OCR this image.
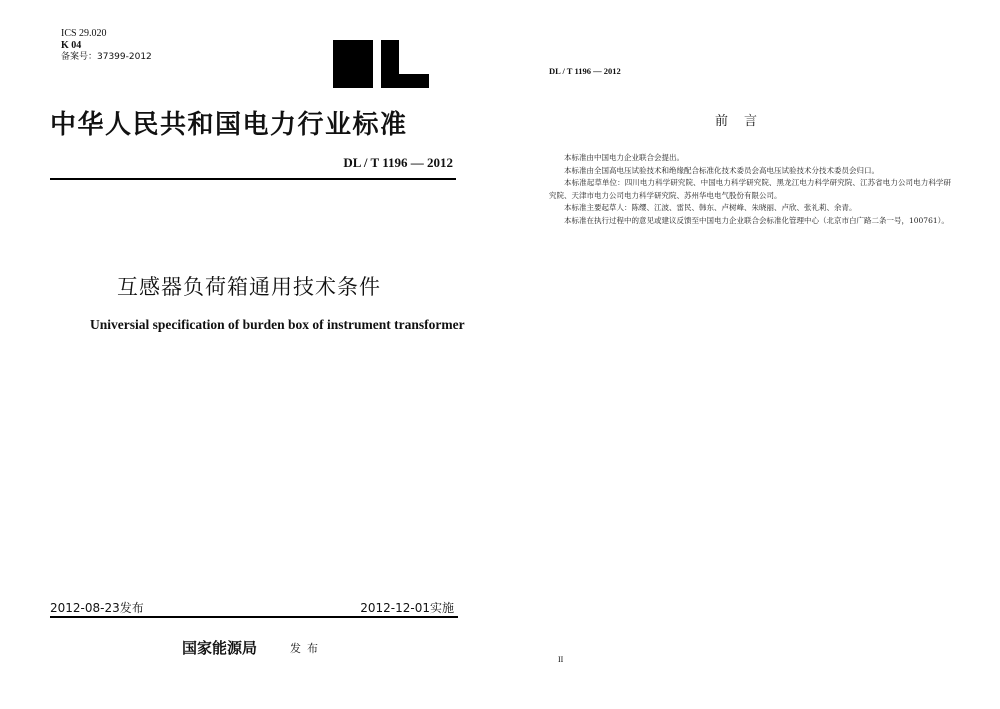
ICS 29.020
K 04
备案号：37399-2012
中华人民共和国电力行业标准
DL / T 1196 — 2012
互感器负荷箱通用技术条件
Universial specification of burden box of instrument transformer
2012-08-23发布	2012-12-01实施
国家能源局	发布
DL / T 1196 — 2012
前言

本标准由中国电力企业联合会提出。

本标准由全国高电压试验技术和绝缘配合标准化技术委员会高电压试验技术分技术委员会归口。

本标准起草单位：四川电力科学研究院、中国电力科学研究院、黑龙江电力科学研究院、江苏省电力公司电力科学研究院、天津市电力公司电力科学研究院、苏州华电电气股份有限公司。

本标准主要起草人：陈缨、江波、雷民、韩东、卢树峰、朱晓丽、卢欣、张礼莉、余青。

本标准在执行过程中的意见或建议反馈至中国电力企业联合会标准化管理中心（北京市白广路二条一号，100761）。

II
